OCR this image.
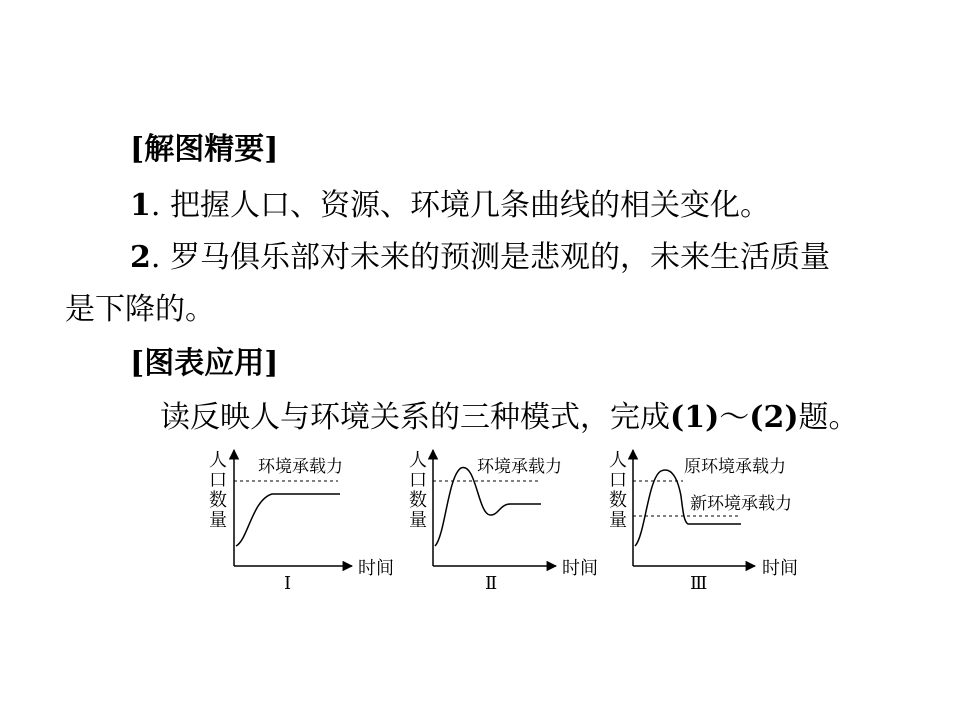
[解图精要]
1. 把握人口、资源、环境几条曲线的相关变化。
2. 罗马俱乐部对未来的预测是悲观的，未来生活质量
是下降的。
[图表应用]
读反映人与环境关系的三种模式，完成(1)～(2)题。
人
口
数
量
环境承载力
时间
Ⅰ
人
口
数
量
环境承载力
时间
Ⅱ
人
口
数
量
原环境承载力
新环境承载力
时间
Ⅲ
